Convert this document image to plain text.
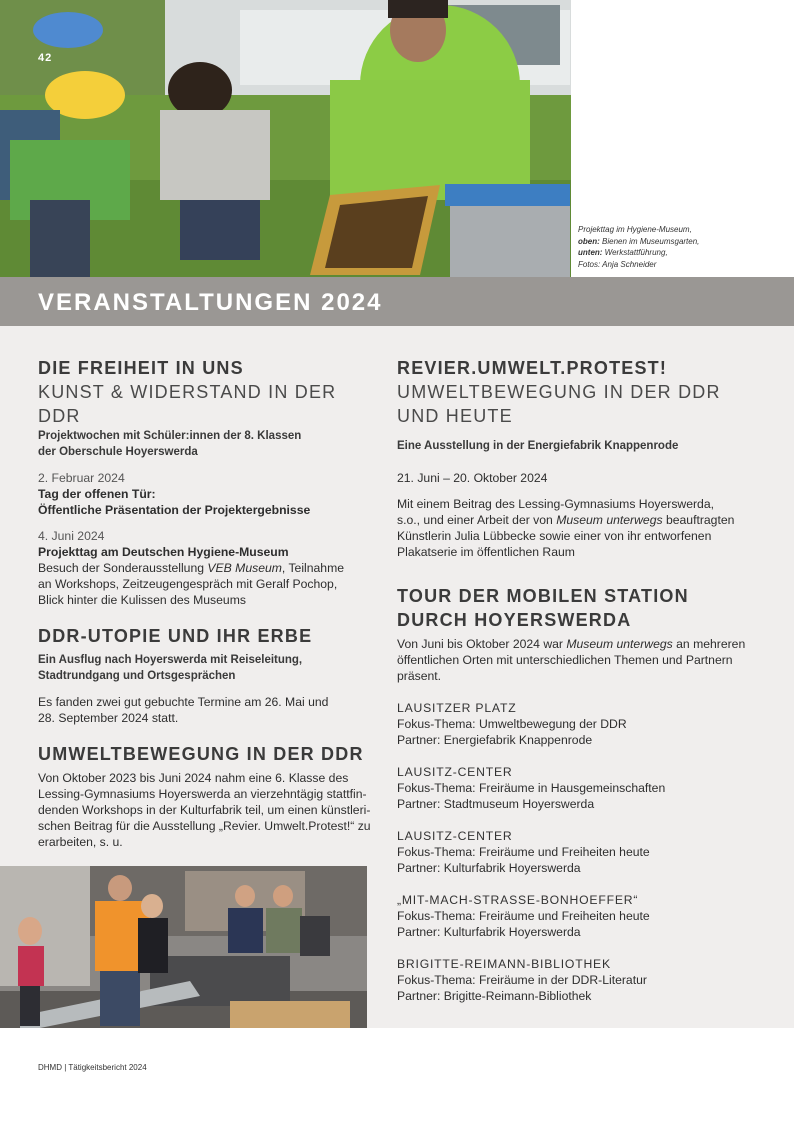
42
Projekttag im Hygiene-Museum,
oben: Bienen im Museumsgarten,
unten: Werkstattführung,
Fotos: Anja Schneider
VERANSTALTUNGEN 2024
DIE FREIHEIT IN UNS
KUNST & WIDERSTAND IN DER DDR
Projektwochen mit Schüler:innen der 8. Klassen
der Oberschule Hoyerswerda
2. Februar 2024
Tag der offenen Tür:
Öffentliche Präsentation der Projektergebnisse
4. Juni 2024
Projekttag am Deutschen Hygiene-Museum
Besuch der Sonderausstellung VEB Museum, Teilnahme
an Workshops, Zeitzeugengespräch mit Geralf Pochop,
Blick hinter die Kulissen des Museums
DDR-UTOPIE UND IHR ERBE
Ein Ausflug nach Hoyerswerda mit Reiseleitung,
Stadtrundgang und Ortsgesprächen
Es fanden zwei gut gebuchte Termine am 26. Mai und
28. September 2024 statt.
UMWELTBEWEGUNG IN DER DDR
Von Oktober 2023 bis Juni 2024 nahm eine 6. Klasse des
Lessing-Gymnasiums Hoyerswerda an vierzehntägig stattfin-
denden Workshops in der Kulturfabrik teil, um einen künstleri-
schen Beitrag für die Ausstellung „Revier. Umwelt.Protest!“ zu
erarbeiten, s. u.
REVIER.UMWELT.PROTEST!
UMWELTBEWEGUNG IN DER DDR
UND HEUTE
Eine Ausstellung in der Energiefabrik Knappenrode
21. Juni – 20. Oktober 2024
Mit einem Beitrag des Lessing-Gymnasiums Hoyerswerda,
s.o., und einer Arbeit der von Museum unterwegs beauftragten
Künstlerin Julia Lübbecke sowie einer von ihr entworfenen
Plakatserie im öffentlichen Raum
TOUR DER MOBILEN STATION
DURCH HOYERSWERDA
Von Juni bis Oktober 2024 war Museum unterwegs an mehreren
öffentlichen Orten mit unterschiedlichen Themen und Partnern
präsent.
LAUSITZER PLATZ
Fokus-Thema: Umweltbewegung der DDR
Partner: Energiefabrik Knappenrode
LAUSITZ-CENTER
Fokus-Thema: Freiräume in Hausgemeinschaften
Partner: Stadtmuseum Hoyerswerda
LAUSITZ-CENTER
Fokus-Thema: Freiräume und Freiheiten heute
Partner: Kulturfabrik Hoyerswerda
„MIT-MACH-STRASSE-BONHOEFFER“
Fokus-Thema: Freiräume und Freiheiten heute
Partner: Kulturfabrik Hoyerswerda
BRIGITTE-REIMANN-BIBLIOTHEK
Fokus-Thema: Freiräume in der DDR-Literatur
Partner: Brigitte-Reimann-Bibliothek
DHMD | Tätigkeitsbericht 2024
